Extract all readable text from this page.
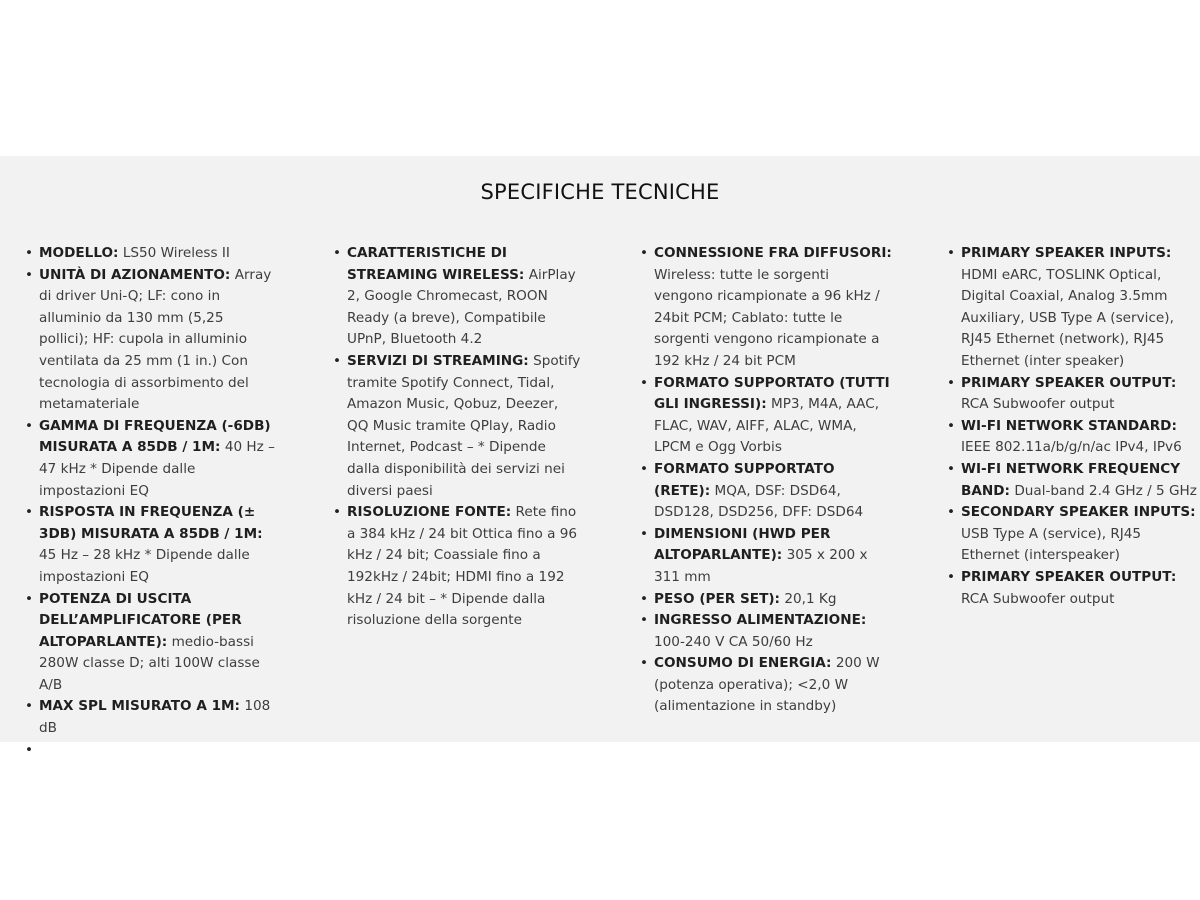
SPECIFICHE TECNICHE
• MODELLO: LS50 Wireless II
• UNITÀ DI AZIONAMENTO: Array di driver Uni-Q; LF: cono in alluminio da 130 mm (5,25 pollici); HF: cupola in alluminio ventilata da 25 mm (1 in.) Con tecnologia di assorbimento del metamateriale
• GAMMA DI FREQUENZA (-6DB) MISURATA A 85DB / 1M: 40 Hz – 47 kHz * Dipende dalle impostazioni EQ
• RISPOSTA IN FREQUENZA (± 3DB) MISURATA A 85DB / 1M: 45 Hz – 28 kHz * Dipende dalle impostazioni EQ
• POTENZA DI USCITA DELL’AMPLIFICATORE (PER ALTOPARLANTE): medio-bassi 280W classe D; alti 100W classe A/B
• MAX SPL MISURATO A 1M: 108 dB
•
• CARATTERISTICHE DI STREAMING WIRELESS: AirPlay 2, Google Chromecast, ROON Ready (a breve), Compatibile UPnP, Bluetooth 4.2
• SERVIZI DI STREAMING: Spotify tramite Spotify Connect, Tidal, Amazon Music, Qobuz, Deezer, QQ Music tramite QPlay, Radio Internet, Podcast – * Dipende dalla disponibilità dei servizi nei diversi paesi
• RISOLUZIONE FONTE: Rete fino a 384 kHz / 24 bit Ottica fino a 96 kHz / 24 bit; Coassiale fino a 192kHz / 24bit; HDMI fino a 192 kHz / 24 bit – * Dipende dalla risoluzione della sorgente
• CONNESSIONE FRA DIFFUSORI: Wireless: tutte le sorgenti vengono ricampionate a 96 kHz / 24bit PCM; Cablato: tutte le sorgenti vengono ricampionate a 192 kHz / 24 bit PCM
• FORMATO SUPPORTATO (TUTTI GLI INGRESSI): MP3, M4A, AAC, FLAC, WAV, AIFF, ALAC, WMA, LPCM e Ogg Vorbis
• FORMATO SUPPORTATO (RETE): MQA, DSF: DSD64, DSD128, DSD256, DFF: DSD64
• DIMENSIONI (HWD PER ALTOPARLANTE): 305 x 200 x 311 mm
• PESO (PER SET): 20,1 Kg
• INGRESSO ALIMENTAZIONE: 100-240 V CA 50/60 Hz
• CONSUMO DI ENERGIA: 200 W (potenza operativa); <2,0 W (alimentazione in standby)
• PRIMARY SPEAKER INPUTS: HDMI eARC, TOSLINK Optical, Digital Coaxial, Analog 3.5mm Auxiliary, USB Type A (service), RJ45 Ethernet (network), RJ45 Ethernet (inter speaker)
• PRIMARY SPEAKER OUTPUT: RCA Subwoofer output
• WI-FI NETWORK STANDARD: IEEE 802.11a/b/g/n/ac IPv4, IPv6
• WI-FI NETWORK FREQUENCY BAND: Dual-band 2.4 GHz / 5 GHz
• SECONDARY SPEAKER INPUTS: USB Type A (service), RJ45 Ethernet (interspeaker)
• PRIMARY SPEAKER OUTPUT: RCA Subwoofer output
